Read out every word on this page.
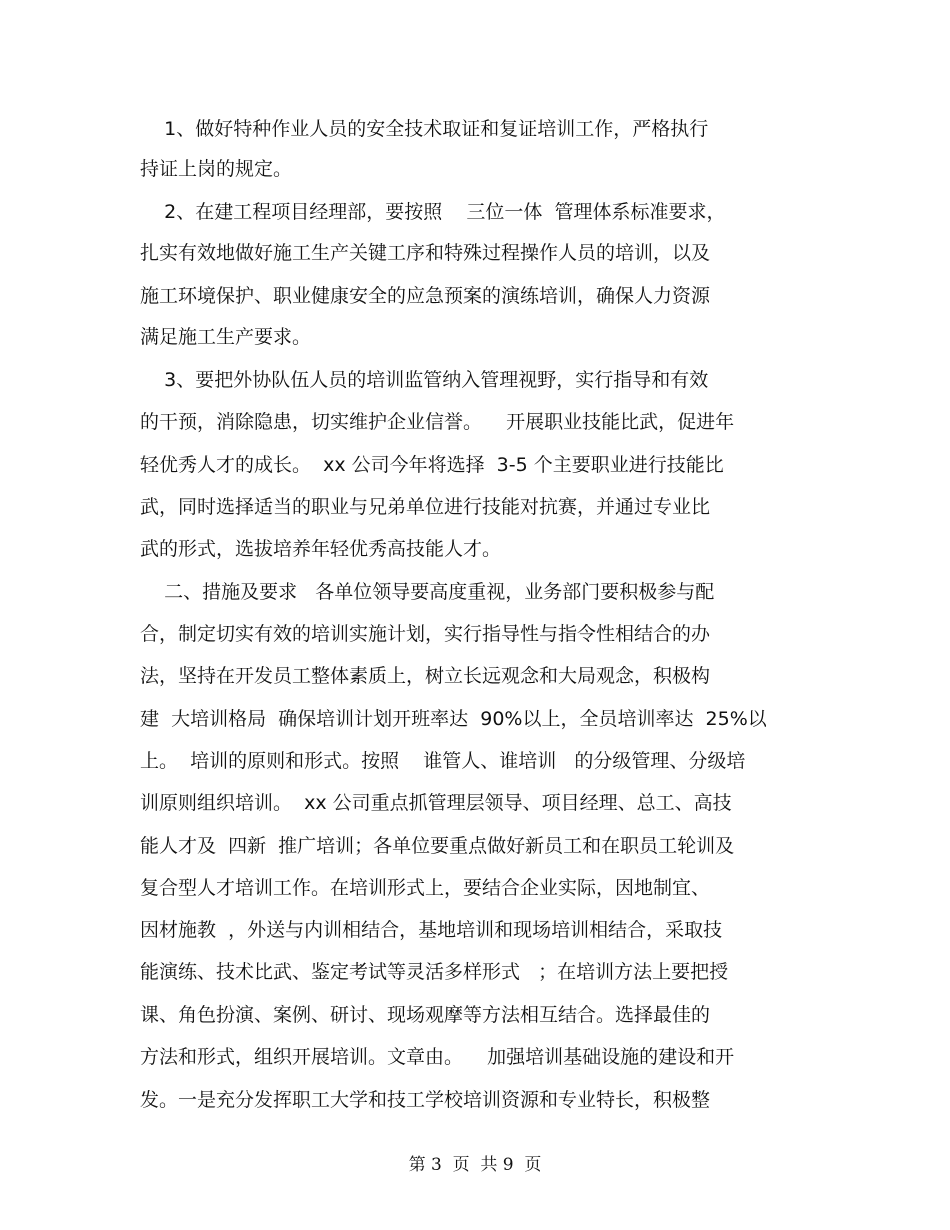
1、做好特种作业人员的安全技术取证和复证培训工作，严格执行
持证上岗的规定。
2、在建工程项目经理部，要按照    三位一体  管理体系标准要求，
扎实有效地做好施工生产关键工序和特殊过程操作人员的培训，以及
施工环境保护、职业健康安全的应急预案的演练培训，确保人力资源
满足施工生产要求。
3、要把外协队伍人员的培训监管纳入管理视野，实行指导和有效
的干预，消除隐患，切实维护企业信誉。    开展职业技能比武，促进年
轻优秀人才的成长。  xx 公司今年将选择  3-5 个主要职业进行技能比
武，同时选择适当的职业与兄弟单位进行技能对抗赛，并通过专业比
武的形式，选拔培养年轻优秀高技能人才。
二、措施及要求   各单位领导要高度重视，业务部门要积极参与配
合，制定切实有效的培训实施计划，实行指导性与指令性相结合的办
法，坚持在开发员工整体素质上，树立长远观念和大局观念，积极构
建  大培训格局  确保培训计划开班率达  90%以上，全员培训率达  25%以
上。  培训的原则和形式。按照    谁管人、谁培训   的分级管理、分级培
训原则组织培训。  xx 公司重点抓管理层领导、项目经理、总工、高技
能人才及  四新  推广培训；各单位要重点做好新员工和在职员工轮训及
复合型人才培训工作。在培训形式上，要结合企业实际，因地制宜、
因材施教  ，外送与内训相结合，基地培训和现场培训相结合，采取技
能演练、技术比武、鉴定考试等灵活多样形式   ；在培训方法上要把授
课、角色扮演、案例、研讨、现场观摩等方法相互结合。选择最佳的
方法和形式，组织开展培训。文章由。    加强培训基础设施的建设和开
发。一是充分发挥职工大学和技工学校培训资源和专业特长，积极整
第 3  页  共 9  页
